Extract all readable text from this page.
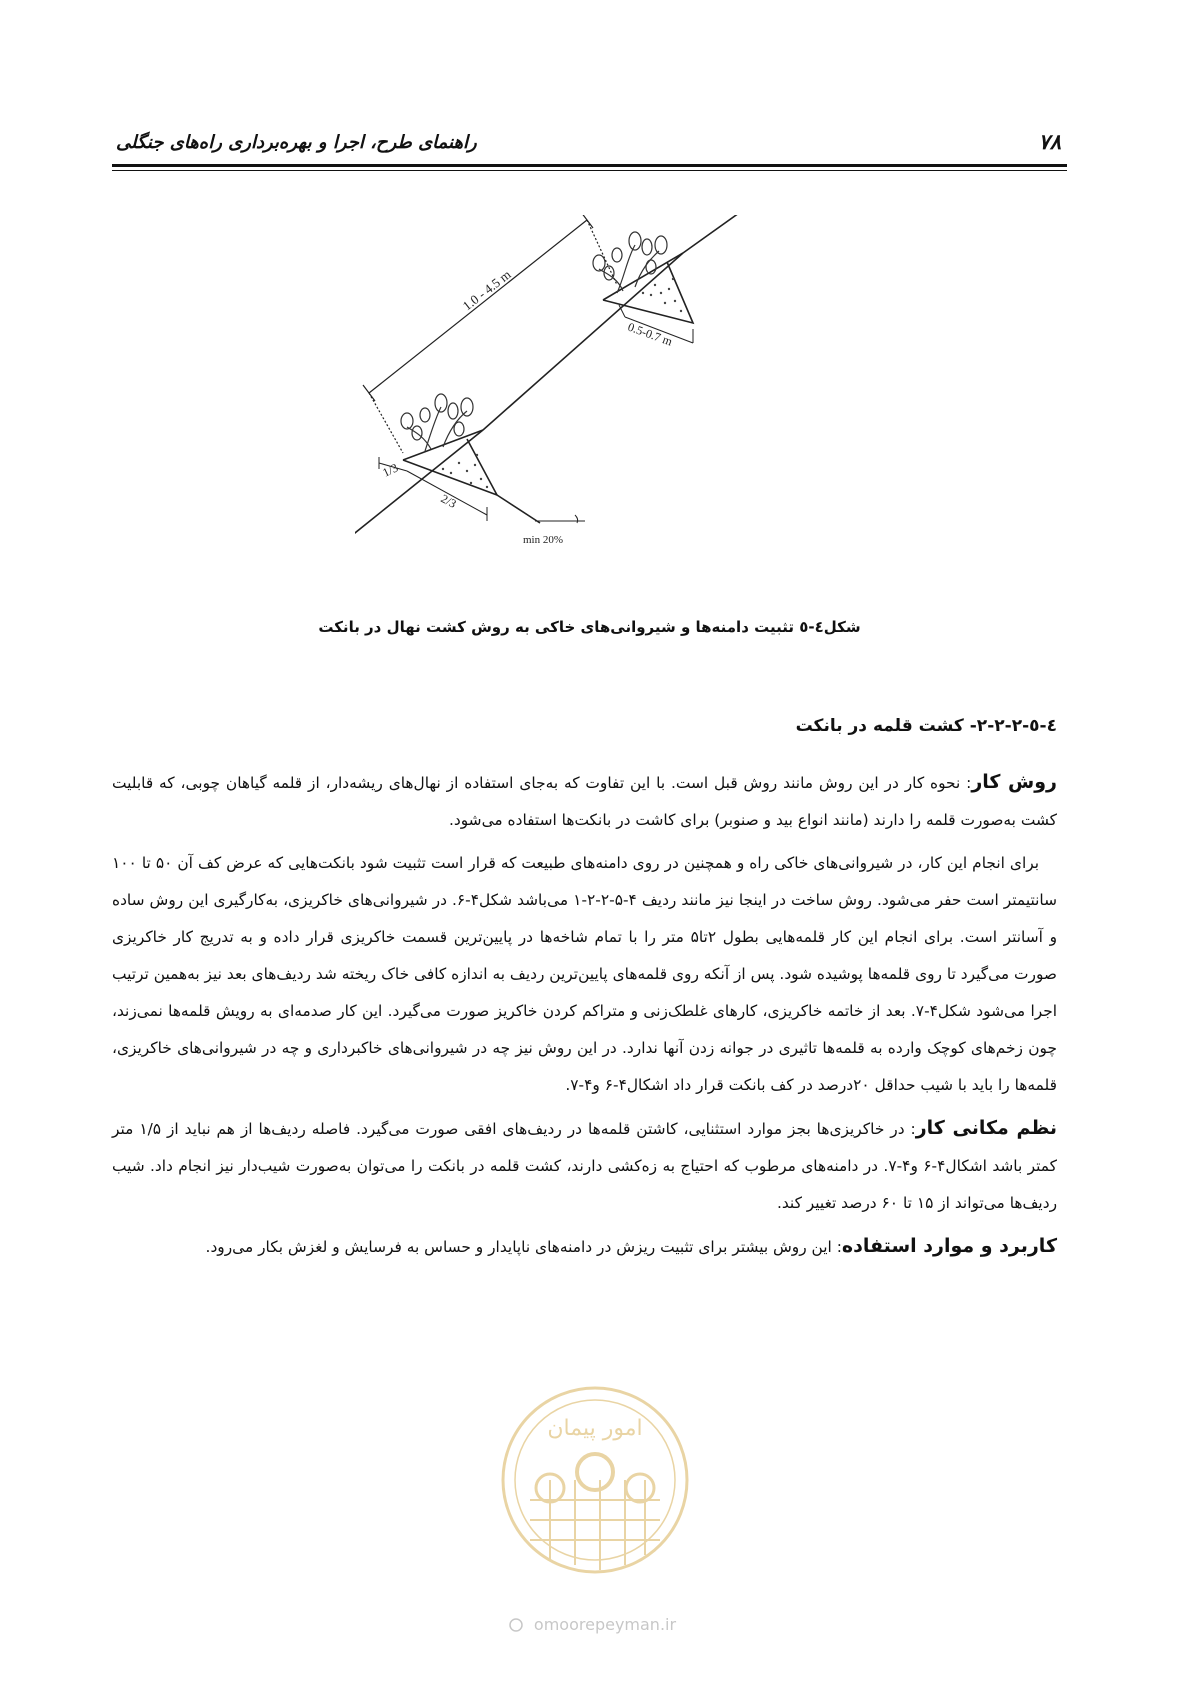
۷۸
راهنمای طرح، اجرا و بهره‌برداری راه‌های جنگلی
1.0 - 4.5 m
0.5-0.7 m
1/3
2/3
min 20%
شکل٤-٥ تثبیت دامنه‌ها و شیروانی‌های خاکی به روش کشت نهال در بانکت
٤-٥-٢-٢-٢- کشت قلمه در بانکت

روش کار: نحوه کار در این روش مانند روش قبل است. با این تفاوت که به‌جای استفاده از نهال‌های ریشه‌دار، از قلمه گیاهان چوبی، که قابلیت کشت به‌صورت قلمه را دارند (مانند انواع بید و صنوبر) برای کاشت در بانکت‌ها استفاده می‌شود.

برای انجام این کار، در شیروانی‌های خاکی راه و همچنین در روی دامنه‌های طبیعت که قرار است تثبیت شود بانکت‌هایی که عرض کف آن ۵۰ تا ۱۰۰ سانتیمتر است حفر می‌شود. روش ساخت در اینجا نیز مانند ردیف ۴-۵-۲-۲-۱ می‌باشد شکل۴-۶. در شیروانی‌های خاکریزی، به‌کارگیری این روش ساده و آسانتر است. برای انجام این کار قلمه‌هایی بطول ۲تا۵ متر را با تمام شاخه‌ها در پایین‌ترین قسمت خاکریزی قرار داده و به تدریج کار خاکریزی صورت می‌گیرد تا روی قلمه‌ها پوشیده شود. پس از آنکه روی قلمه‌های پایین‌ترین ردیف به اندازه کافی خاک ریخته شد ردیف‌های بعد نیز به‌همین ترتیب اجرا می‌شود شکل۴-۷. بعد از خاتمه خاکریزی، کارهای غلطک‌زنی و متراکم کردن خاکریز صورت می‌گیرد. این کار صدمه‌ای به رویش قلمه‌ها نمی‌زند، چون زخم‌های کوچک وارده به قلمه‌ها تاثیری در جوانه زدن آنها ندارد. در این روش نیز چه در شیروانی‌های خاکبرداری و چه در شیروانی‌های خاکریزی، قلمه‌ها را باید با شیب حداقل ۲۰درصد در کف بانکت قرار داد اشکال۴-۶ و۴-۷.

نظم مکانی کار: در خاکریزی‌ها بجز موارد استثنایی، کاشتن قلمه‌ها در ردیف‌های افقی صورت می‌گیرد. فاصله ردیف‌ها از هم نباید از ۱/۵ متر کمتر باشد اشکال۴-۶ و۴-۷. در دامنه‌های مرطوب که احتیاج به زه‌کشی دارند، کشت قلمه در بانکت را می‌توان به‌صورت شیب‌دار نیز انجام داد. شیب ردیف‌ها می‌تواند از ۱۵ تا ۶۰ درصد تغییر کند.

کاربرد و موارد استفاده: این روش بیشتر برای تثبیت ریزش در دامنه‌های ناپایدار و حساس به فرسایش و لغزش بکار می‌رود.

امور پیمان
omoorepeyman.ir
